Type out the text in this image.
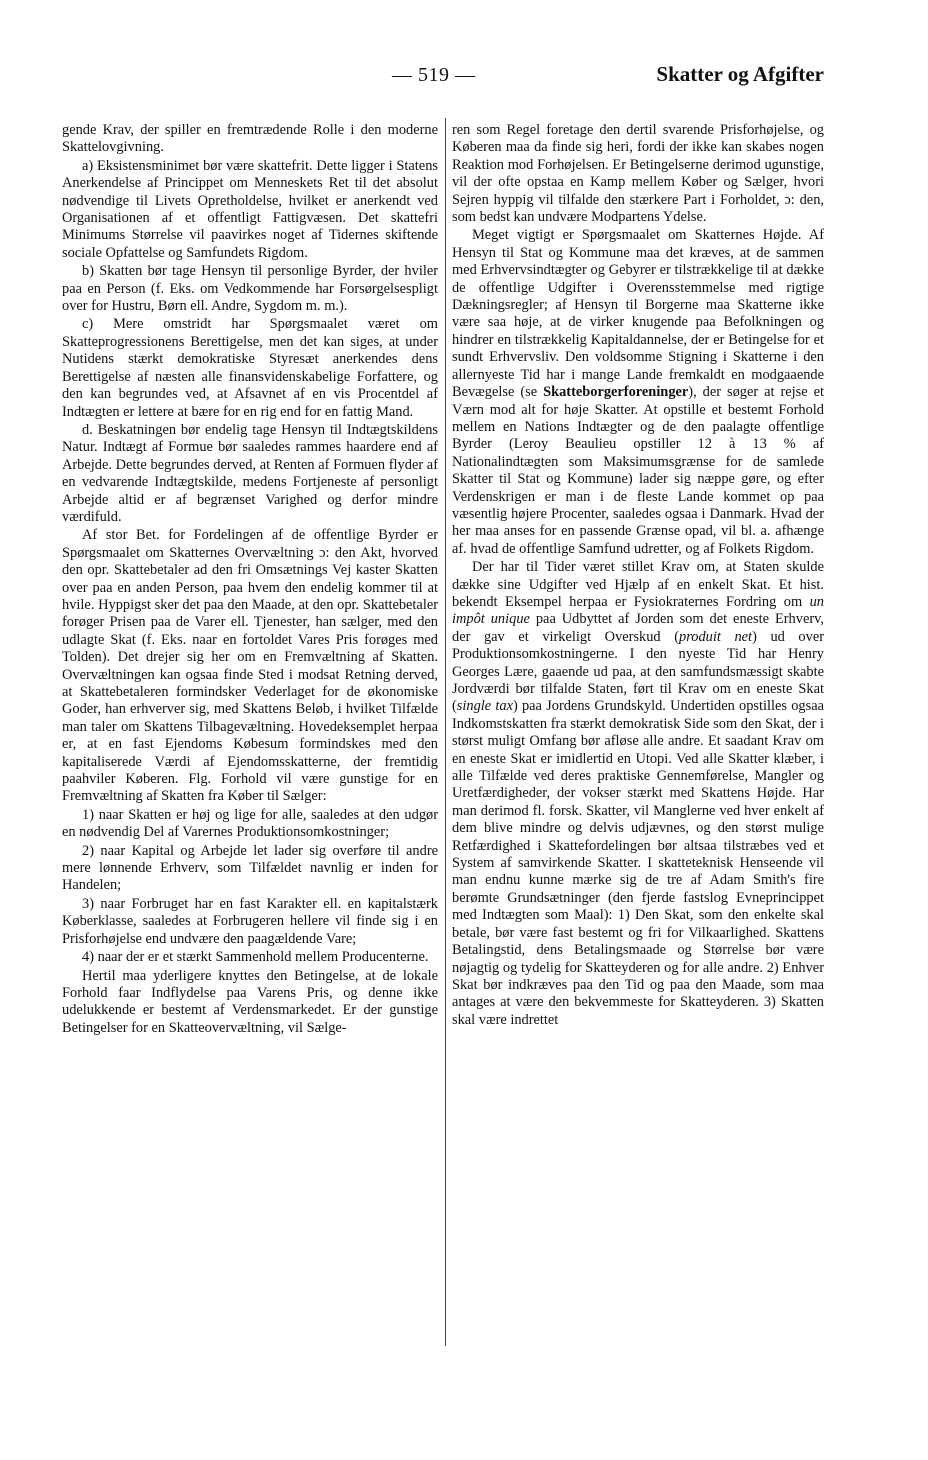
— 519 —	Skatter og Afgifter

gende Krav, der spiller en fremtrædende Rolle i den moderne Skattelovgivning.

a) Eksistensminimet bør være skattefrit. Dette ligger i Statens Anerkendelse af Princippet om Menneskets Ret til det absolut nødvendige til Livets Opretholdelse, hvilket er anerkendt ved Organisationen af et offentligt Fattigvæsen. Det skattefri Minimums Størrelse vil paavirkes noget af Tidernes skiftende sociale Opfattelse og Samfundets Rigdom.

b) Skatten bør tage Hensyn til personlige Byrder, der hviler paa en Person (f. Eks. om Vedkommende har Forsørgelsespligt over for Hustru, Børn ell. Andre, Sygdom m. m.).

c) Mere omstridt har Spørgsmaalet været om Skatteprogressionens Berettigelse, men det kan siges, at under Nutidens stærkt demokratiske Styresæt anerkendes dens Berettigelse af næsten alle finansvidenskabelige Forfattere, og den kan begrundes ved, at Afsavnet af en vis Procentdel af Indtægten er lettere at bære for en rig end for en fattig Mand.

d. Beskatningen bør endelig tage Hensyn til Indtægtskildens Natur. Indtægt af Formue bør saaledes rammes haardere end af Arbejde. Dette begrundes derved, at Renten af Formuen flyder af en vedvarende Indtægtskilde, medens Fortjeneste af personligt Arbejde altid er af begrænset Varighed og derfor mindre værdifuld.

Af stor Bet. for Fordelingen af de offentlige Byrder er Spørgsmaalet om Skatternes Overvæltning ɔ: den Akt, hvorved den opr. Skattebetaler ad den fri Omsætnings Vej kaster Skatten over paa en anden Person, paa hvem den endelig kommer til at hvile. Hyppigst sker det paa den Maade, at den opr. Skattebetaler forøger Prisen paa de Varer ell. Tjenester, han sælger, med den udlagte Skat (f. Eks. naar en fortoldet Vares Pris forøges med Tolden). Det drejer sig her om en Fremvæltning af Skatten. Overvæltningen kan ogsaa finde Sted i modsat Retning derved, at Skattebetaleren formindsker Vederlaget for de økonomiske Goder, han erhverver sig, med Skattens Beløb, i hvilket Tilfælde man taler om Skattens Tilbagevæltning. Hovedeksemplet herpaa er, at en fast Ejendoms Købesum formindskes med den kapitaliserede Værdi af Ejendomsskatterne, der fremtidig paahviler Køberen. Flg. Forhold vil være gunstige for en Fremvæltning af Skatten fra Køber til Sælger:

1) naar Skatten er høj og lige for alle, saaledes at den udgør en nødvendig Del af Varernes Produktionsomkostninger;

2) naar Kapital og Arbejde let lader sig overføre til andre mere lønnende Erhverv, som Tilfældet navnlig er inden for Handelen;

3) naar Forbruget har en fast Karakter ell. en kapitalstærk Køberklasse, saaledes at Forbrugeren hellere vil finde sig i en Prisforhøjelse end undvære den paagældende Vare;

4) naar der er et stærkt Sammenhold mellem Producenterne.

Hertil maa yderligere knyttes den Betingelse, at de lokale Forhold faar Indflydelse paa Varens Pris, og denne ikke udelukkende er bestemt af Verdensmarkedet. Er der gunstige Betingelser for en Skatteovervæltning, vil Sælge-

ren som Regel foretage den dertil svarende Prisforhøjelse, og Køberen maa da finde sig heri, fordi der ikke kan skabes nogen Reaktion mod Forhøjelsen. Er Betingelserne derimod ugunstige, vil der ofte opstaa en Kamp mellem Køber og Sælger, hvori Sejren hyppig vil tilfalde den stærkere Part i Forholdet, ɔ: den, som bedst kan undvære Modpartens Ydelse.

Meget vigtigt er Spørgsmaalet om Skatternes Højde. Af Hensyn til Stat og Kommune maa det kræves, at de sammen med Erhvervsindtægter og Gebyrer er tilstrækkelige til at dække de offentlige Udgifter i Overensstemmelse med rigtige Dækningsregler; af Hensyn til Borgerne maa Skatterne ikke være saa høje, at de virker knugende paa Befolkningen og hindrer en tilstrækkelig Kapitaldannelse, der er Betingelse for et sundt Erhvervsliv. Den voldsomme Stigning i Skatterne i den allernyeste Tid har i mange Lande fremkaldt en modgaaende Bevægelse (se Skatteborgerforeninger), der søger at rejse et Værn mod alt for høje Skatter. At opstille et bestemt Forhold mellem en Nations Indtægter og de den paalagte offentlige Byrder (Leroy Beaulieu opstiller 12 à 13 % af Nationalindtægten som Maksimumsgrænse for de samlede Skatter til Stat og Kommune) lader sig næppe gøre, og efter Verdenskrigen er man i de fleste Lande kommet op paa væsentlig højere Procenter, saaledes ogsaa i Danmark. Hvad der her maa anses for en passende Grænse opad, vil bl. a. afhænge af. hvad de offentlige Samfund udretter, og af Folkets Rigdom.

Der har til Tider været stillet Krav om, at Staten skulde dække sine Udgifter ved Hjælp af en enkelt Skat. Et hist. bekendt Eksempel herpaa er Fysiokraternes Fordring om un impôt unique paa Udbyttet af Jorden som det eneste Erhverv, der gav et virkeligt Overskud (produit net) ud over Produktionsomkostningerne. I den nyeste Tid har Henry Georges Lære, gaaende ud paa, at den samfundsmæssigt skabte Jordværdi bør tilfalde Staten, ført til Krav om en eneste Skat (single tax) paa Jordens Grundskyld. Undertiden opstilles ogsaa Indkomstskatten fra stærkt demokratisk Side som den Skat, der i størst muligt Omfang bør afløse alle andre. Et saadant Krav om en eneste Skat er imidlertid en Utopi. Ved alle Skatter klæber, i alle Tilfælde ved deres praktiske Gennemførelse, Mangler og Uretfærdigheder, der vokser stærkt med Skattens Højde. Har man derimod fl. forsk. Skatter, vil Manglerne ved hver enkelt af dem blive mindre og delvis udjævnes, og den størst mulige Retfærdighed i Skattefordelingen bør altsaa tilstræbes ved et System af samvirkende Skatter. I skatteteknisk Henseende vil man endnu kunne mærke sig de tre af Adam Smith's fire berømte Grundsætninger (den fjerde fastslog Evneprincippet med Indtægten som Maal): 1) Den Skat, som den enkelte skal betale, bør være fast bestemt og fri for Vilkaarlighed. Skattens Betalingstid, dens Betalingsmaade og Størrelse bør være nøjagtig og tydelig for Skatteyderen og for alle andre. 2) Enhver Skat bør indkræves paa den Tid og paa den Maade, som maa antages at være den bekvemmeste for Skatteyderen. 3) Skatten skal være indrettet
